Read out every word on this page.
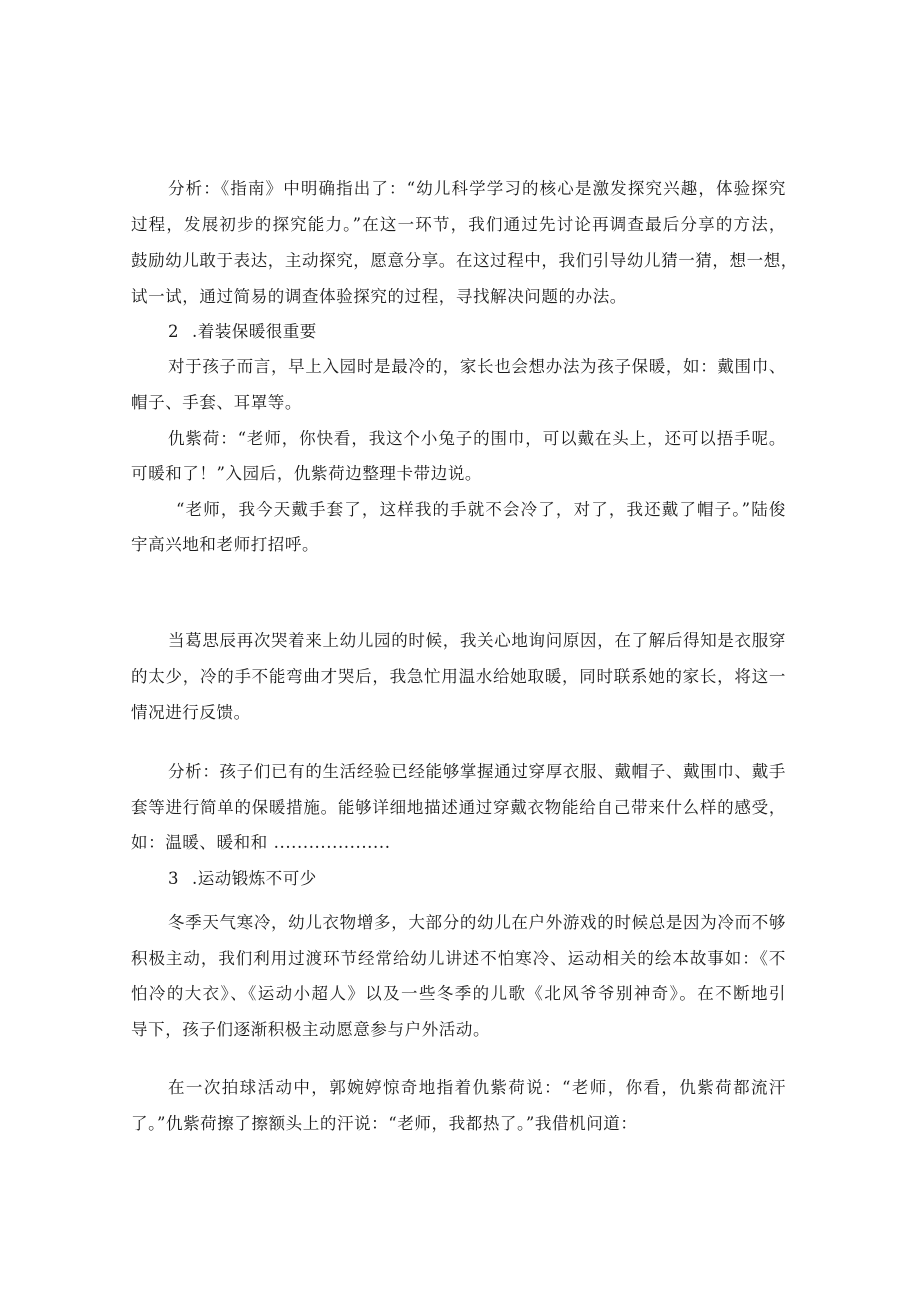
分析：《指南》中明确指出了：“幼儿科学学习的核心是激发探究兴趣，体验探究
过程，发展初步的探究能力。”在这一环节，我们通过先讨论再调查最后分享的方法，
鼓励幼儿敢于表达，主动探究，愿意分享。在这过程中，我们引导幼儿猜一猜，想一想，
试一试，通过简易的调查体验探究的过程，寻找解决问题的办法。
2 .着装保暖很重要
对于孩子而言，早上入园时是最冷的，家长也会想办法为孩子保暖，如：戴围巾、
帽子、手套、耳罩等。
仇紫荷：“老师，你快看，我这个小兔子的围巾，可以戴在头上，还可以捂手呢。
可暖和了！”入园后，仇紫荷边整理卡带边说。
“老师，我今天戴手套了，这样我的手就不会冷了，对了，我还戴了帽子。”陆俊
宇高兴地和老师打招呼。
当葛思辰再次哭着来上幼儿园的时候，我关心地询问原因，在了解后得知是衣服穿
的太少，冷的手不能弯曲才哭后，我急忙用温水给她取暖，同时联系她的家长，将这一
情况进行反馈。
分析：孩子们已有的生活经验已经能够掌握通过穿厚衣服、戴帽子、戴围巾、戴手
套等进行简单的保暖措施。能够详细地描述通过穿戴衣物能给自己带来什么样的感受，
如：温暖、暖和和 ....................
3 .运动锻炼不可少
冬季天气寒冷，幼儿衣物增多，大部分的幼儿在户外游戏的时候总是因为冷而不够
积极主动，我们利用过渡环节经常给幼儿讲述不怕寒冷、运动相关的绘本故事如：《不
怕冷的大衣》、《运动小超人》以及一些冬季的儿歌《北风爷爷别神奇》。在不断地引
导下，孩子们逐渐积极主动愿意参与户外活动。
在一次拍球活动中，郭婉婷惊奇地指着仇紫荷说：“老师，你看，仇紫荷都流汗
了。”仇紫荷擦了擦额头上的汗说：“老师，我都热了。”我借机问道：
